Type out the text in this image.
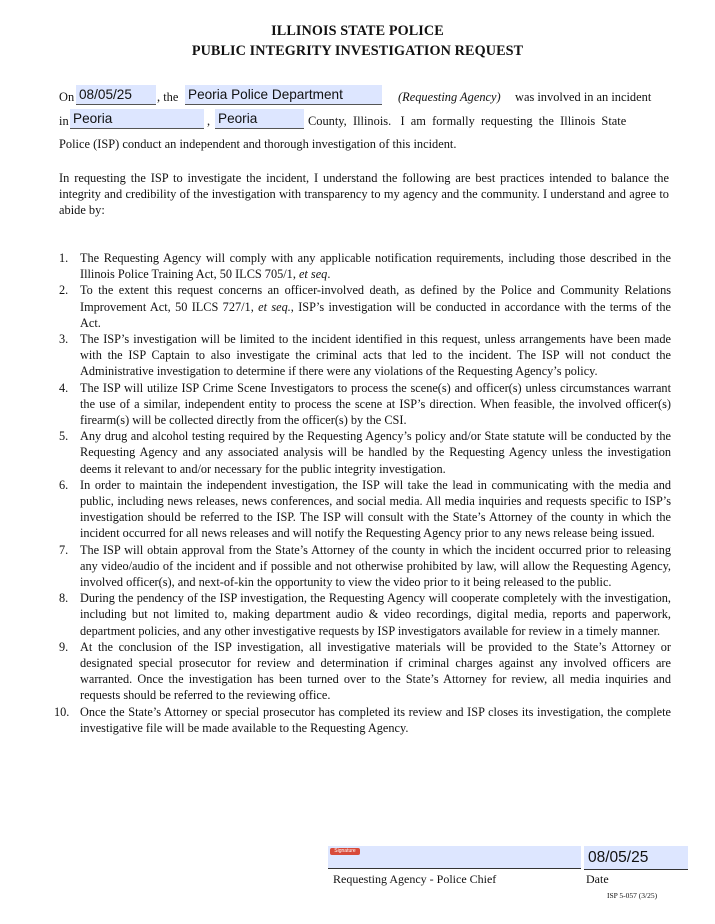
ILLINOIS STATE POLICE
PUBLIC INTEGRITY INVESTIGATION REQUEST
On 08/05/25	, the Peoria Police Department	(Requesting Agency) was involved in an incident
in Peoria	, Peoria	County,  Illinois.   I  am  formally  requesting  the  Illinois  State
Police (ISP) conduct an independent and thorough investigation of this incident.
In requesting the ISP to investigate the incident, I understand the following are best practices intended to balance the integrity and credibility of the investigation with transparency to my agency and the community. I understand and agree to abide by:
1. The Requesting Agency will comply with any applicable notification requirements, including those described in the Illinois Police Training Act, 50 ILCS 705/1, et seq.
2. To the extent this request concerns an officer-involved death, as defined by the Police and Community Relations Improvement Act, 50 ILCS 727/1, et seq., ISP’s investigation will be conducted in accordance with the terms of the Act.
3. The ISP’s investigation will be limited to the incident identified in this request, unless arrangements have been made with the ISP Captain to also investigate the criminal acts that led to the incident. The ISP will not conduct the Administrative investigation to determine if there were any violations of the Requesting Agency’s policy.
4. The ISP will utilize ISP Crime Scene Investigators to process the scene(s) and officer(s) unless circumstances warrant the use of a similar, independent entity to process the scene at ISP’s direction. When feasible, the involved officer(s) firearm(s) will be collected directly from the officer(s) by the CSI.
5. Any drug and alcohol testing required by the Requesting Agency’s policy and/or State statute will be conducted by the Requesting Agency and any associated analysis will be handled by the Requesting Agency unless the investigation deems it relevant to and/or necessary for the public integrity investigation.
6. In order to maintain the independent investigation, the ISP will take the lead in communicating with the media and public, including news releases, news conferences, and social media. All media inquiries and requests specific to ISP’s investigation should be referred to the ISP. The ISP will consult with the State’s Attorney of the county in which the incident occurred for all news releases and will notify the Requesting Agency prior to any news release being issued.
7. The ISP will obtain approval from the State’s Attorney of the county in which the incident occurred prior to releasing any video/audio of the incident and if possible and not otherwise prohibited by law, will allow the Requesting Agency, involved officer(s), and next-of-kin the opportunity to view the video prior to it being released to the public.
8. During the pendency of the ISP investigation, the Requesting Agency will cooperate completely with the investigation, including but not limited to, making department audio & video recordings, digital media, reports and paperwork, department policies, and any other investigative requests by ISP investigators available for review in a timely manner.
9. At the conclusion of the ISP investigation, all investigative materials will be provided to the State’s Attorney or designated special prosecutor for review and determination if criminal charges against any involved officers are warranted. Once the investigation has been turned over to the State’s Attorney for review, all media inquiries and requests should be referred to the reviewing office.
10. Once the State’s Attorney or special prosecutor has completed its review and ISP closes its investigation, the complete investigative file will be made available to the Requesting Agency.
Signature	08/05/25
Requesting Agency - Police Chief	Date
ISP 5-057 (3/25)
